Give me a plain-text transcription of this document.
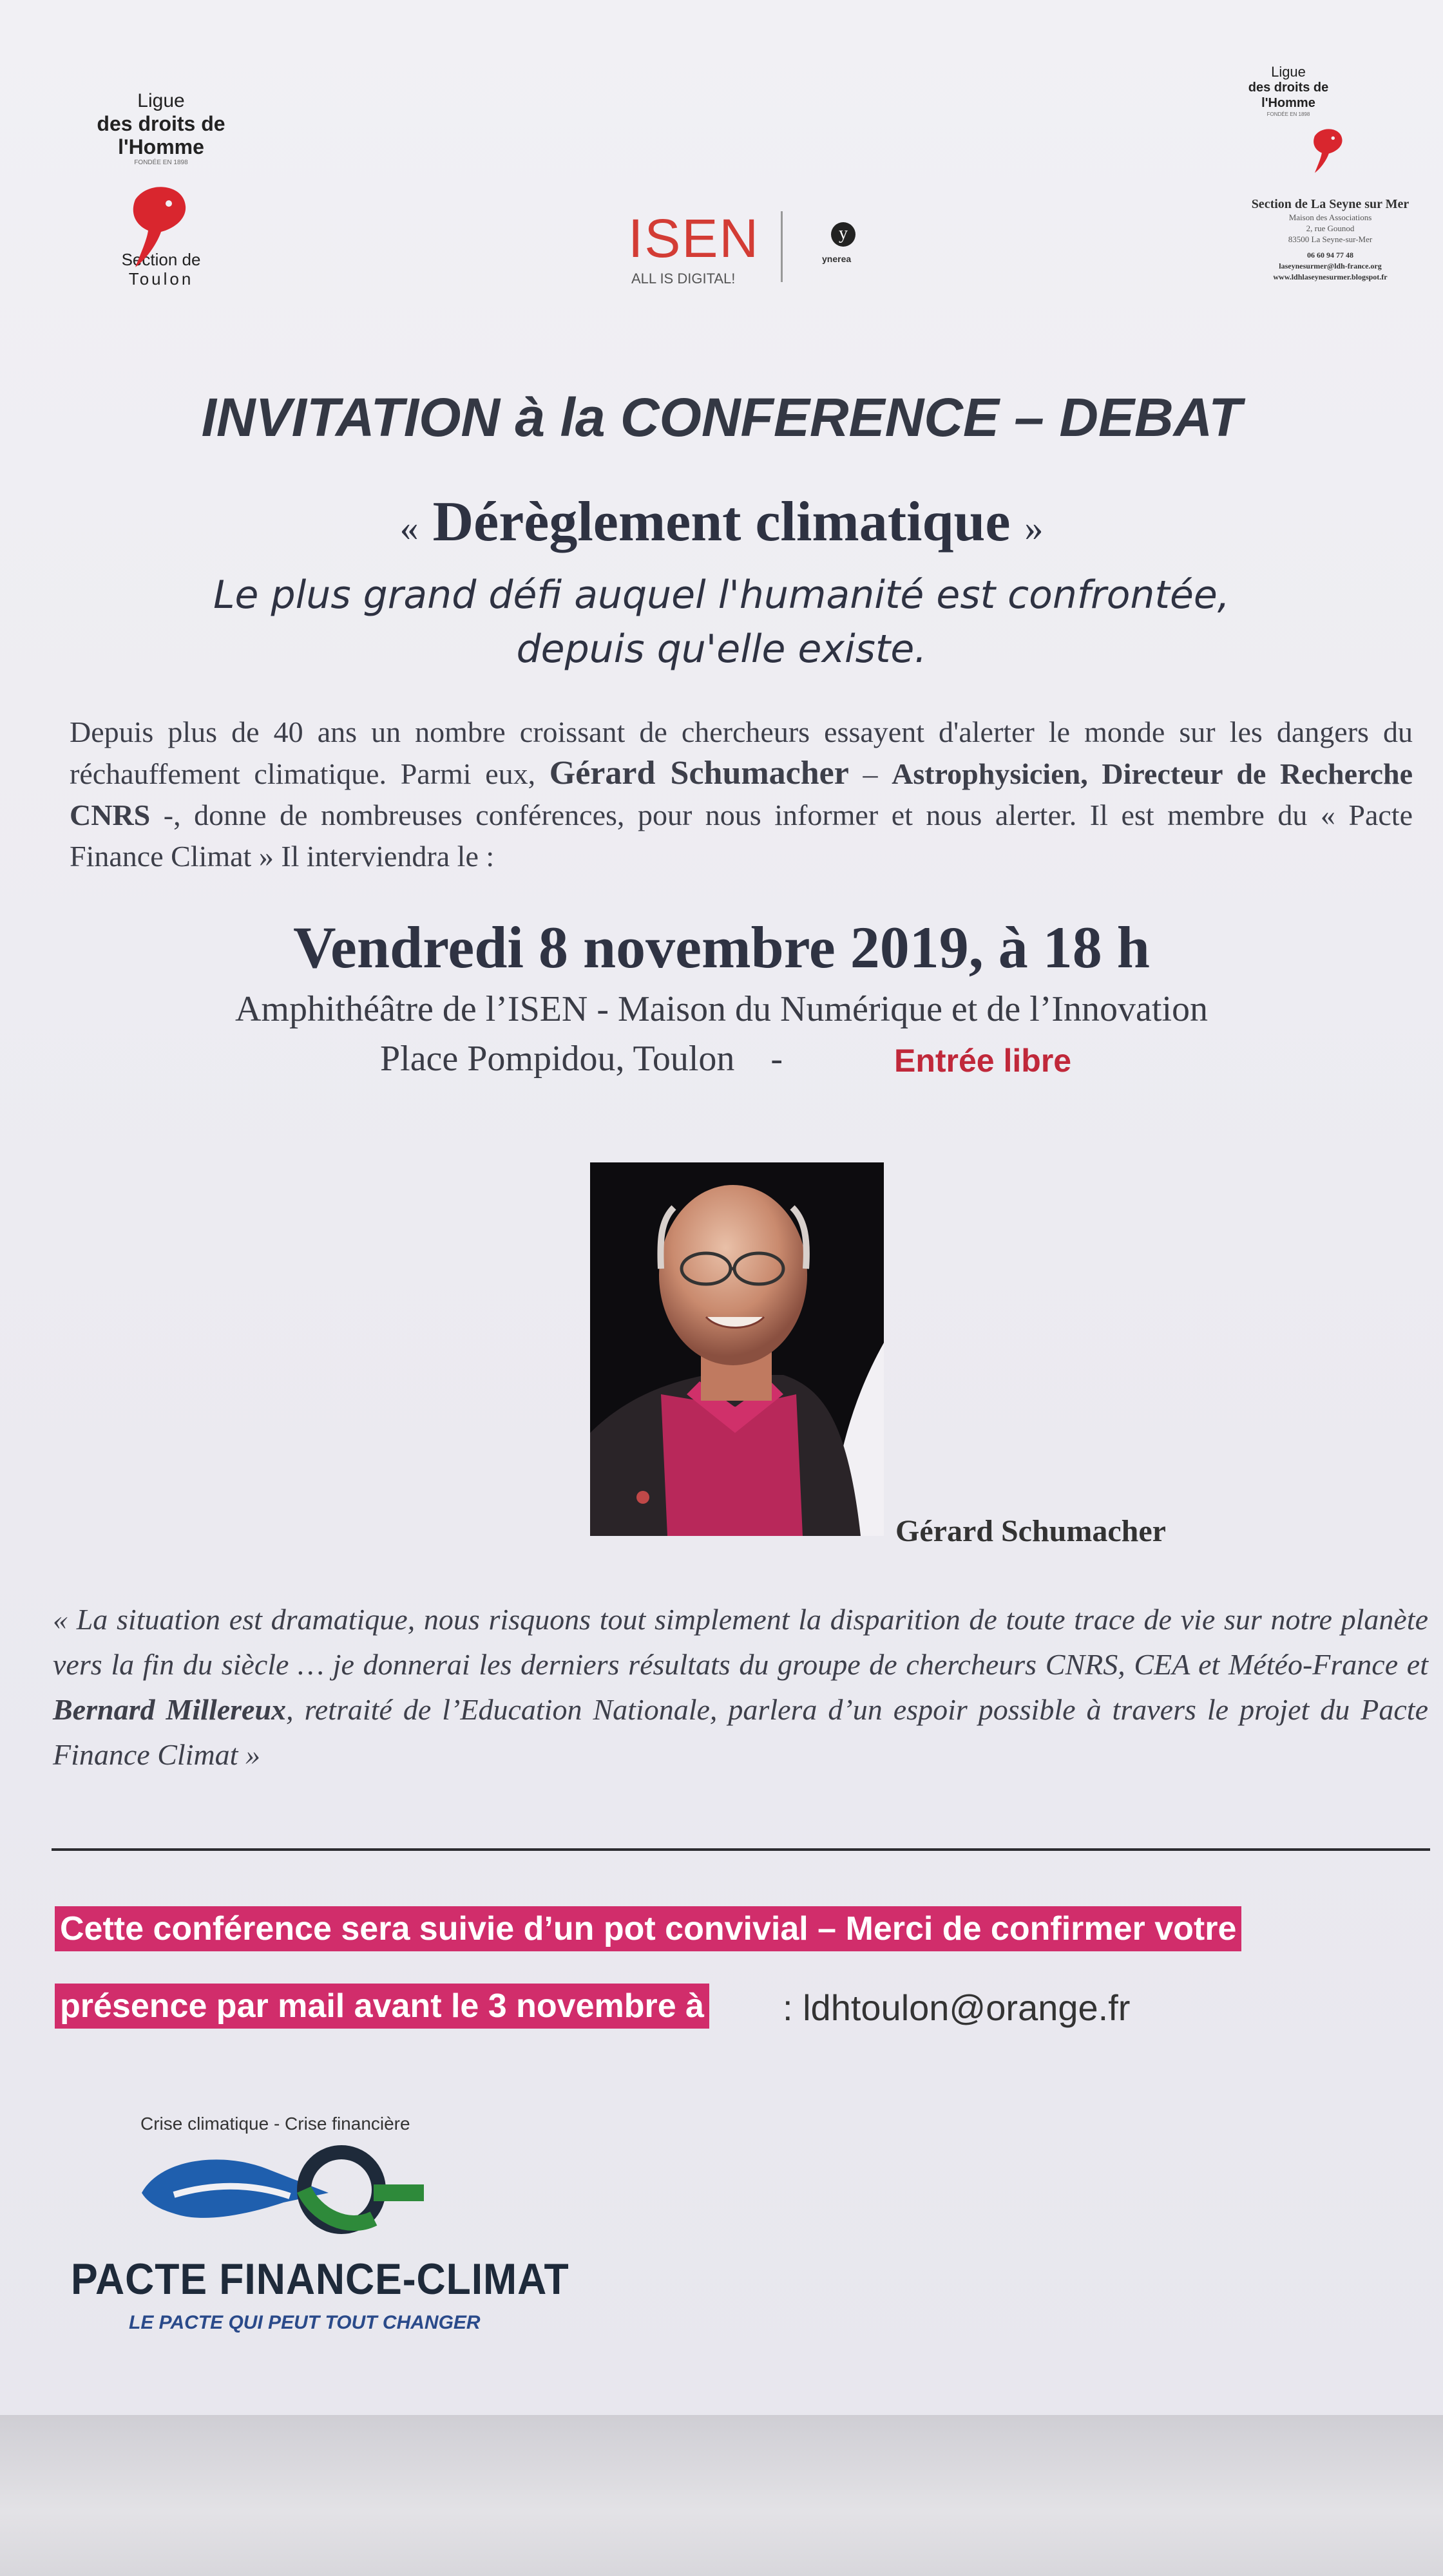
Ligue
des droits de
l'Homme
FONDÉE EN 1898
Section de
Toulon
ISEN
ALL IS DIGITAL!
y
ynerea
Ligue
des droits de
l'Homme
FONDÉE EN 1898
Section de La Seyne sur Mer
Maison des Associations
2, rue Gounod
83500 La Seyne-sur-Mer
06 60 94 77 48
laseynesurmer@ldh-france.org
www.ldhlaseynesurmer.blogspot.fr
INVITATION à la CONFERENCE – DEBAT
« Dérèglement climatique »
Le plus grand défi auquel l'humanité est confrontée,
depuis qu'elle existe.
Depuis plus de 40 ans un nombre croissant de chercheurs essayent d'alerter le monde sur les dangers du réchauffement climatique. Parmi eux, Gérard Schumacher – Astrophysicien, Directeur de Recherche CNRS -, donne de nombreuses conférences, pour nous informer et nous alerter. Il est membre du « Pacte Finance Climat » Il interviendra le :
Vendredi 8 novembre 2019, à 18 h
Amphithéâtre de l’ISEN - Maison du Numérique et de l’Innovation
Place Pompidou, Toulon    -	Entrée libre
Gérard Schumacher
« La situation est dramatique, nous risquons tout simplement la disparition de toute trace de vie sur notre planète vers la fin du siècle … je donnerai les derniers résultats du groupe de chercheurs CNRS, CEA et Météo-France et Bernard Millereux, retraité de l’Education Nationale, parlera d’un espoir possible à travers le projet du Pacte Finance Climat »
Cette conférence sera suivie d’un pot convivial – Merci de confirmer votre
présence par mail avant le 3 novembre à : ldhtoulon@orange.fr
Crise climatique - Crise financière
PACTE FINANCE-CLIMAT
LE PACTE QUI PEUT TOUT CHANGER
